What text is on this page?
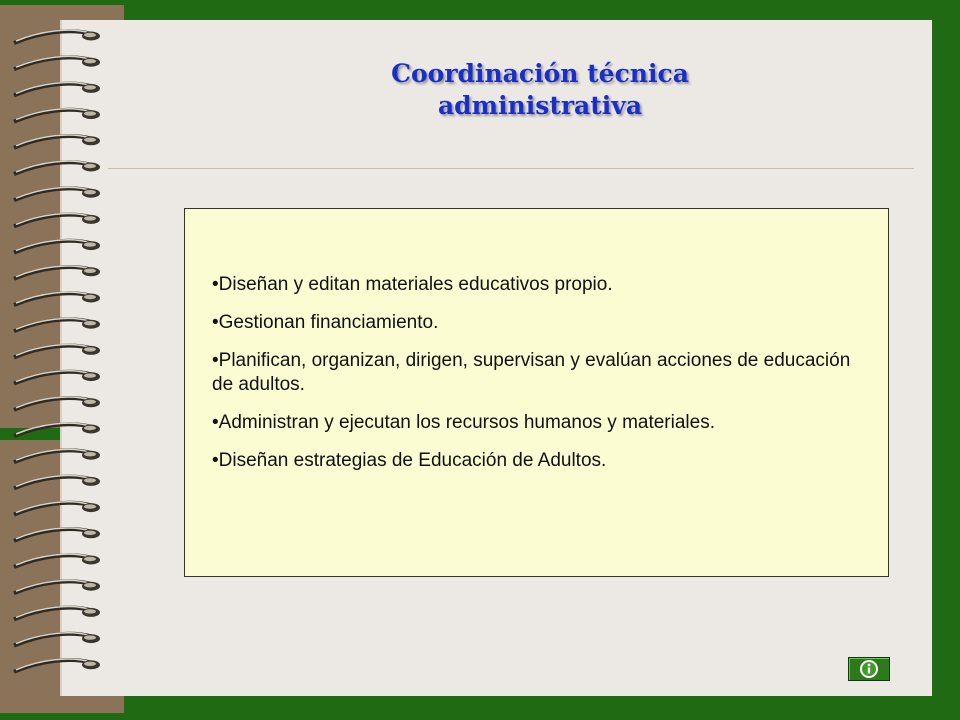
Coordinación técnica
administrativa
•Diseñan y editan materiales educativos propio.
•Gestionan financiamiento.
•Planifican, organizan, dirigen, supervisan y evalúan acciones de educación de adultos.
•Administran y ejecutan los recursos humanos y materiales.
•Diseñan estrategias de Educación de Adultos.
